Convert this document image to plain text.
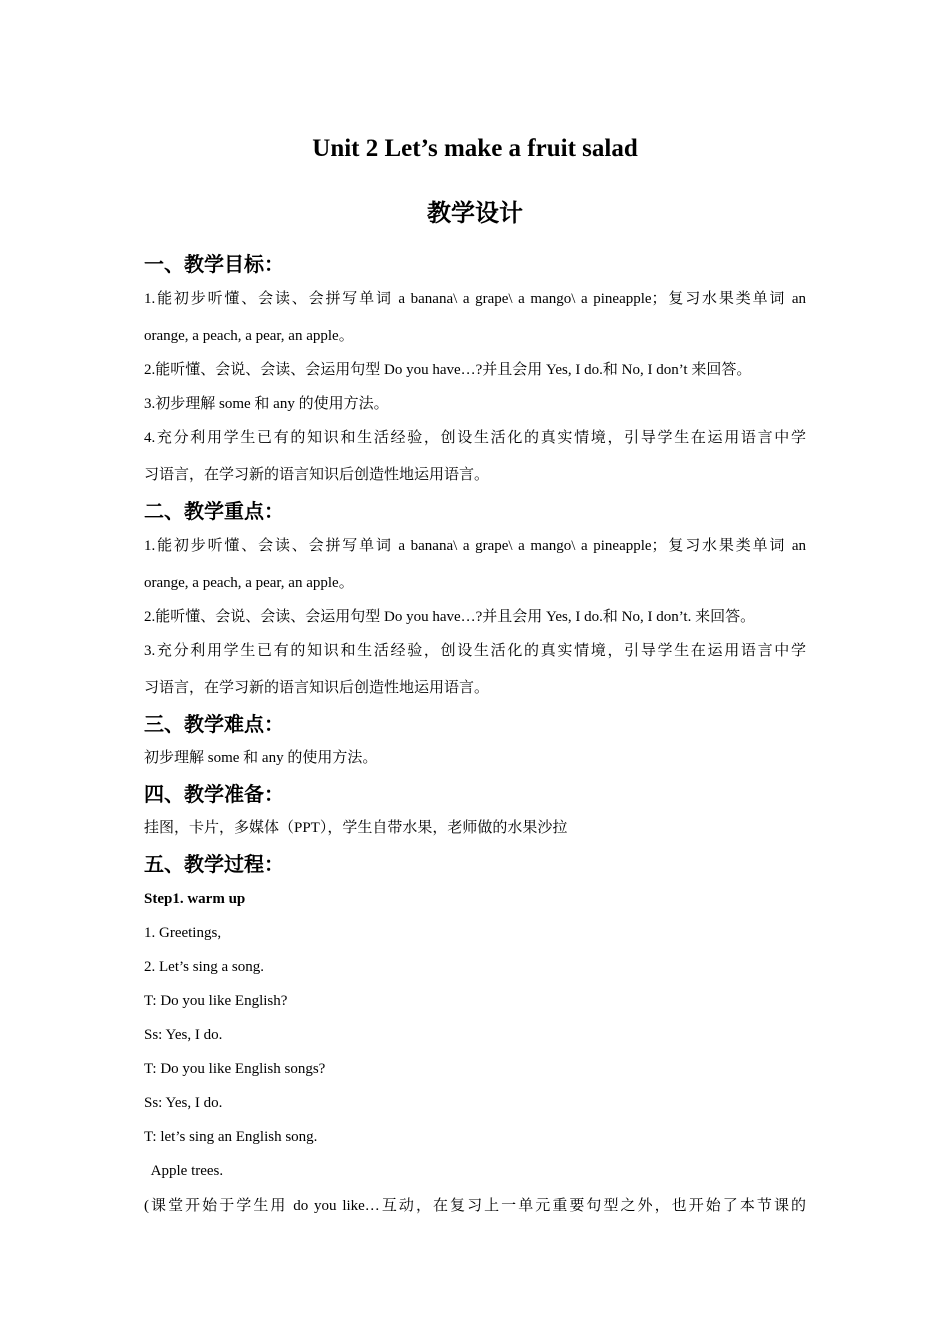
Unit 2 Let’s make a fruit salad
教学设计
一、教学目标：
1.能初步听懂、会读、会拼写单词 a banana\ a grape\ a mango\ a pineapple；复习水果类单词 an
orange, a peach, a pear, an apple。
2.能听懂、会说、会读、会运用句型 Do you have…?并且会用 Yes, I do.和 No, I don’t 来回答。
3.初步理解 some 和 any 的使用方法。
4.充分利用学生已有的知识和生活经验，创设生活化的真实情境，引导学生在运用语言中学
习语言，在学习新的语言知识后创造性地运用语言。
二、教学重点：
1.能初步听懂、会读、会拼写单词 a banana\ a grape\ a mango\ a pineapple；复习水果类单词 an
orange, a peach, a pear, an apple。
2.能听懂、会说、会读、会运用句型 Do you have…?并且会用 Yes, I do.和 No, I don’t. 来回答。
3.充分利用学生已有的知识和生活经验，创设生活化的真实情境，引导学生在运用语言中学
习语言，在学习新的语言知识后创造性地运用语言。
三、教学难点：
初步理解 some 和 any 的使用方法。
四、教学准备：
挂图，卡片，多媒体（PPT），学生自带水果，老师做的水果沙拉
五、教学过程：
Step1. warm up
1. Greetings,
2. Let’s sing a song.
T: Do you like English?
Ss: Yes, I do.
T: Do you like English songs?
Ss: Yes, I do.
T: let’s sing an English song.
Apple trees.
(课堂开始于学生用 do you like…互动，在复习上一单元重要句型之外，也开始了本节课的
